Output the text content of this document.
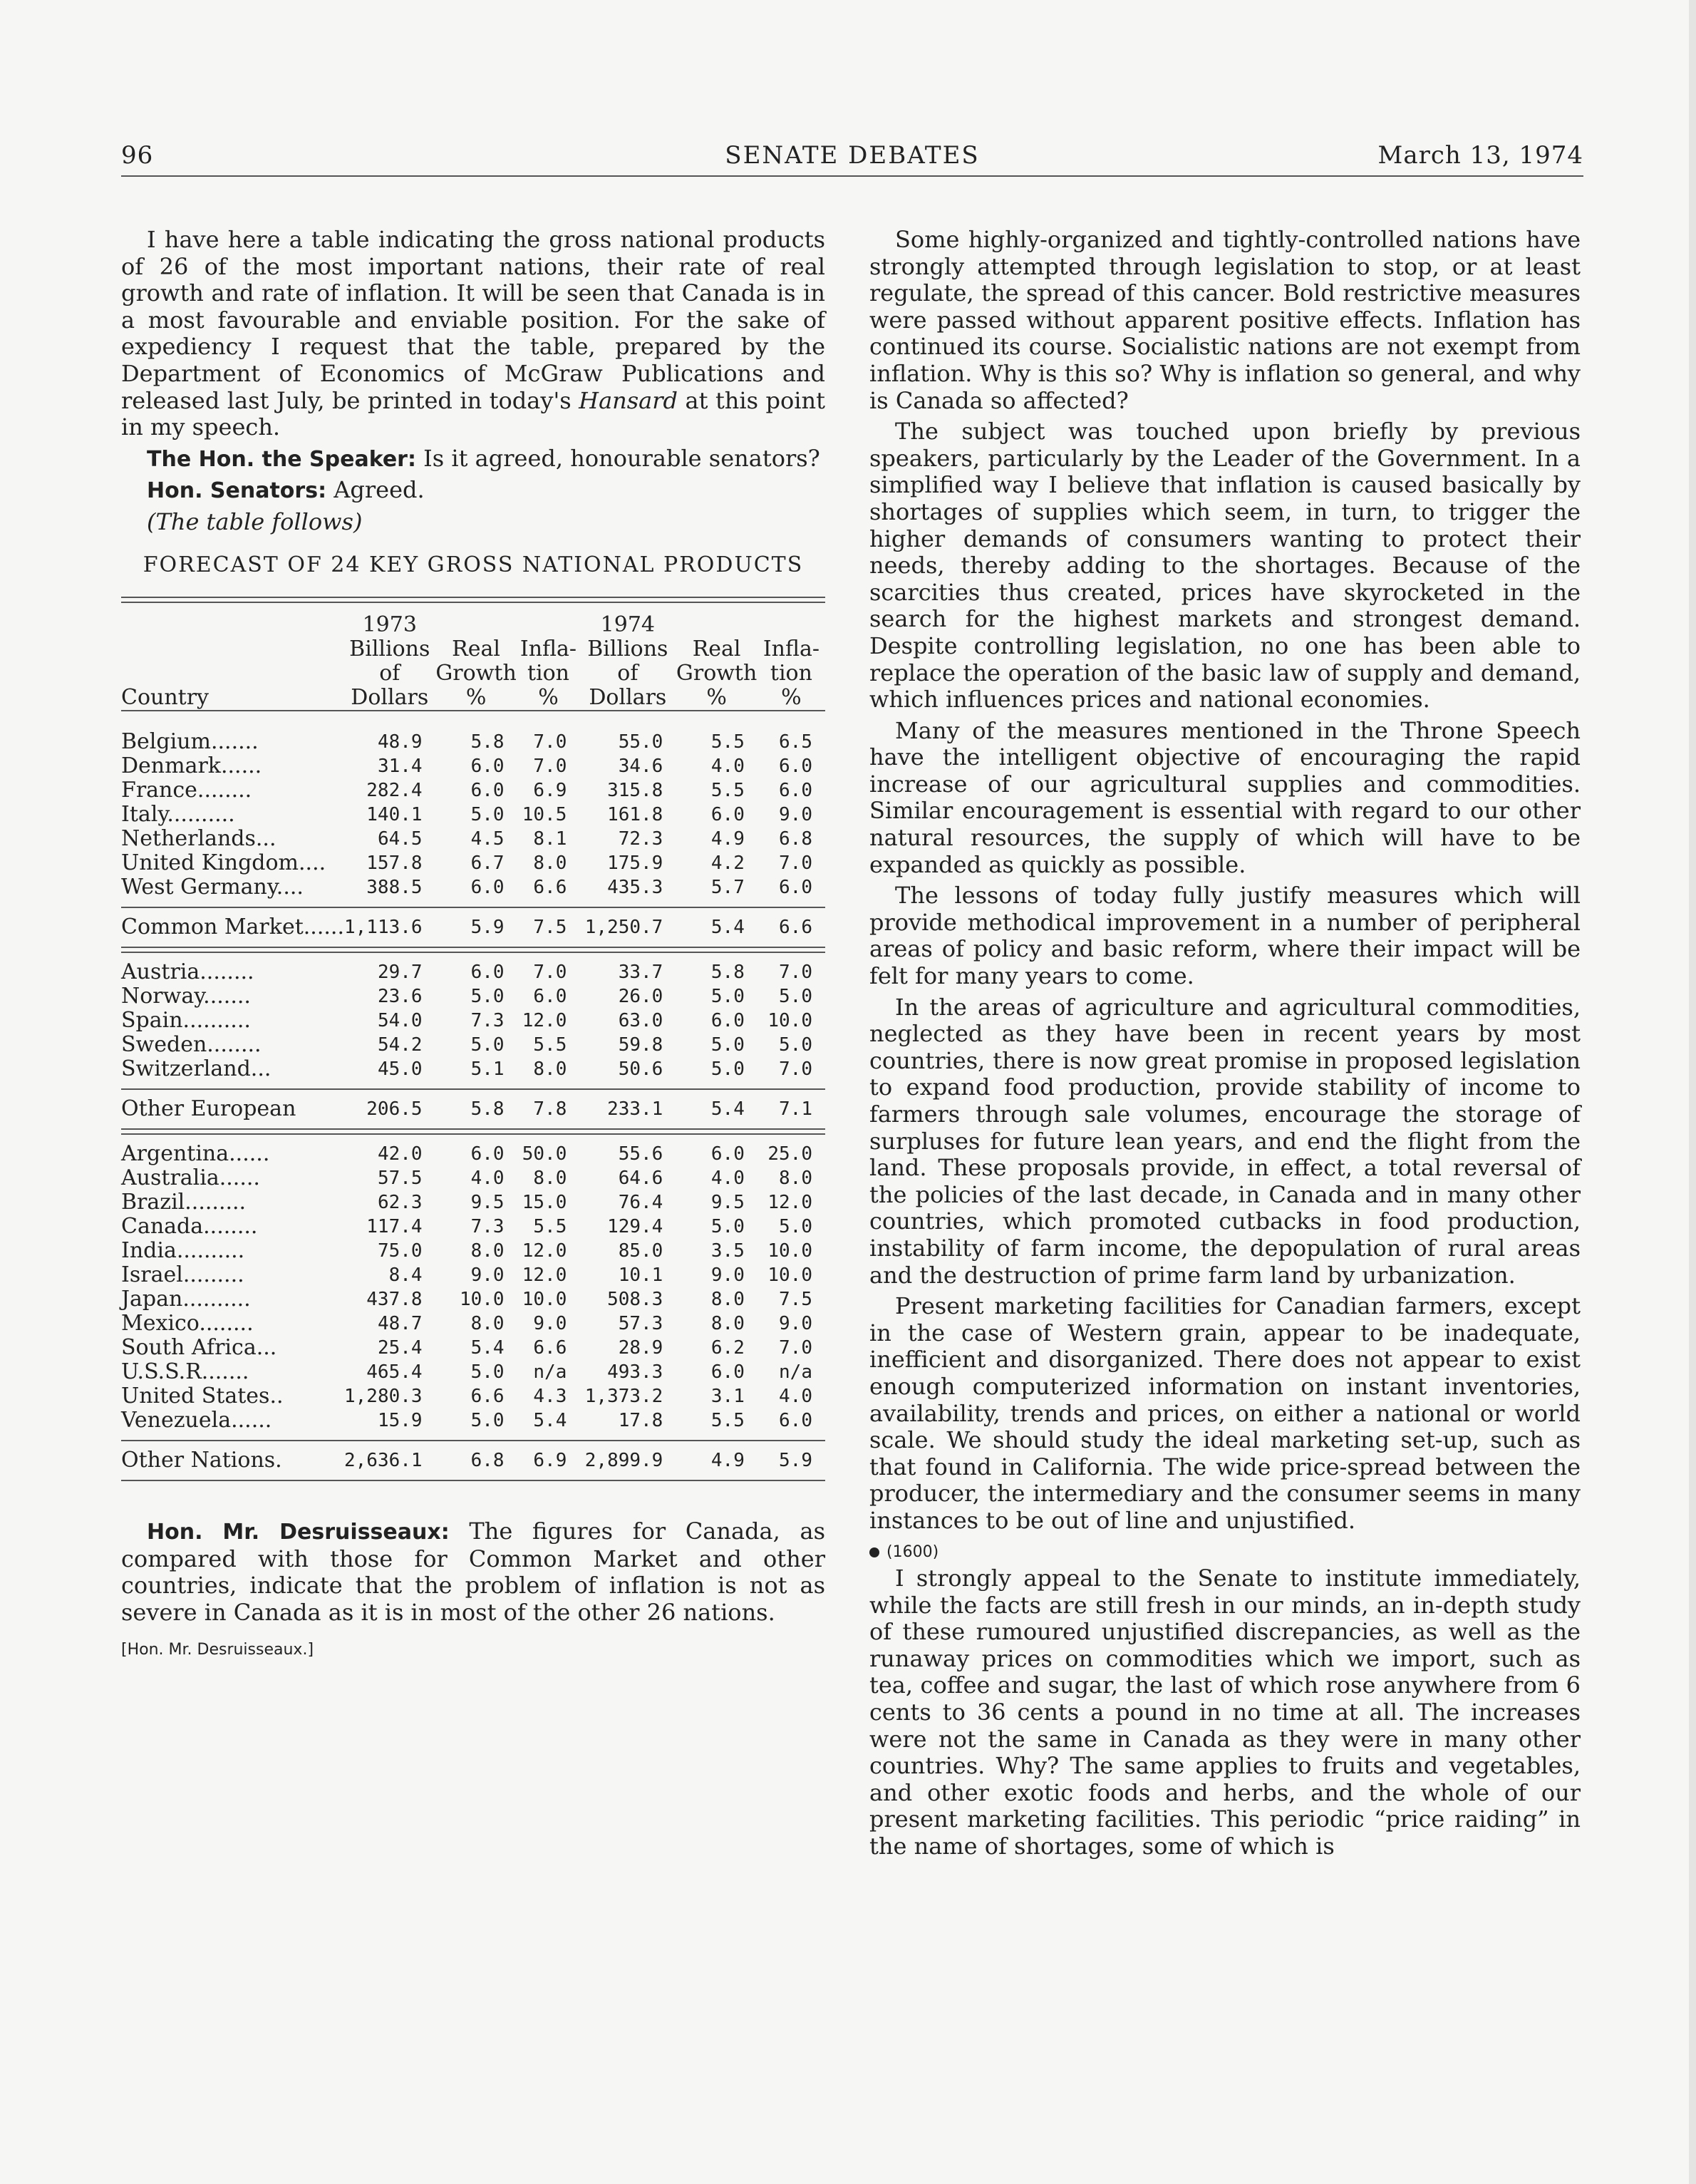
96	SENATE DEBATES	March 13, 1974

I have here a table indicating the gross national products of 26 of the most important nations, their rate of real growth and rate of inflation. It will be seen that Canada is in a most favourable and enviable position. For the sake of expediency I request that the table, prepared by the Department of Economics of McGraw Publications and released last July, be printed in today's Hansard at this point in my speech.

The Hon. the Speaker: Is it agreed, honourable senators?

Hon. Senators: Agreed.

(The table follows)

FORECAST OF 24 KEY GROSS NATIONAL PRODUCTS
	1973			1974		
Country	Billions of Dollars	Real Growth %	Infla-tion %	Billions of Dollars	Real Growth %	Infla-tion %

Belgium.......	48.9	5.8	7.0	55.0	5.5	6.5
Denmark......	31.4	6.0	7.0	34.6	4.0	6.0
France........	282.4	6.0	6.9	315.8	5.5	6.0
Italy..........	140.1	5.0	10.5	161.8	6.0	9.0
Netherlands...	64.5	4.5	8.1	72.3	4.9	6.8
United Kingdom....	157.8	6.7	8.0	175.9	4.2	7.0
West Germany....	388.5	6.0	6.6	435.3	5.7	6.0

Common Market......	1,113.6	5.9	7.5	1,250.7	5.4	6.6

Austria........	29.7	6.0	7.0	33.7	5.8	7.0
Norway.......	23.6	5.0	6.0	26.0	5.0	5.0
Spain..........	54.0	7.3	12.0	63.0	6.0	10.0
Sweden........	54.2	5.0	5.5	59.8	5.0	5.0
Switzerland...	45.0	5.1	8.0	50.6	5.0	7.0

Other European	206.5	5.8	7.8	233.1	5.4	7.1

Argentina......	42.0	6.0	50.0	55.6	6.0	25.0
Australia......	57.5	4.0	8.0	64.6	4.0	8.0
Brazil.........	62.3	9.5	15.0	76.4	9.5	12.0
Canada........	117.4	7.3	5.5	129.4	5.0	5.0
India..........	75.0	8.0	12.0	85.0	3.5	10.0
Israel.........	8.4	9.0	12.0	10.1	9.0	10.0
Japan..........	437.8	10.0	10.0	508.3	8.0	7.5
Mexico........	48.7	8.0	9.0	57.3	8.0	9.0
South Africa...	25.4	5.4	6.6	28.9	6.2	7.0
U.S.S.R.......	465.4	5.0	n/a	493.3	6.0	n/a
United States..	1,280.3	6.6	4.3	1,373.2	3.1	4.0
Venezuela......	15.9	5.0	5.4	17.8	5.5	6.0

Other Nations.	2,636.1	6.8	6.9	2,899.9	4.9	5.9

Hon. Mr. Desruisseaux: The figures for Canada, as compared with those for Common Market and other countries, indicate that the problem of inflation is not as severe in Canada as it is in most of the other 26 nations.

[Hon. Mr. Desruisseaux.]

Some highly-organized and tightly-controlled nations have strongly attempted through legislation to stop, or at least regulate, the spread of this cancer. Bold restrictive measures were passed without apparent positive effects. Inflation has continued its course. Socialistic nations are not exempt from inflation. Why is this so? Why is inflation so general, and why is Canada so affected?

The subject was touched upon briefly by previous speakers, particularly by the Leader of the Government. In a simplified way I believe that inflation is caused basically by shortages of supplies which seem, in turn, to trigger the higher demands of consumers wanting to protect their needs, thereby adding to the shortages. Because of the scarcities thus created, prices have skyrocketed in the search for the highest markets and strongest demand. Despite controlling legislation, no one has been able to replace the operation of the basic law of supply and demand, which influences prices and national economies.

Many of the measures mentioned in the Throne Speech have the intelligent objective of encouraging the rapid increase of our agricultural supplies and commodities. Similar encouragement is essential with regard to our other natural resources, the supply of which will have to be expanded as quickly as possible.

The lessons of today fully justify measures which will provide methodical improvement in a number of peripheral areas of policy and basic reform, where their impact will be felt for many years to come.

In the areas of agriculture and agricultural commodities, neglected as they have been in recent years by most countries, there is now great promise in proposed legislation to expand food production, provide stability of income to farmers through sale volumes, encourage the storage of surpluses for future lean years, and end the flight from the land. These proposals provide, in effect, a total reversal of the policies of the last decade, in Canada and in many other countries, which promoted cutbacks in food production, instability of farm income, the depopulation of rural areas and the destruction of prime farm land by urbanization.

Present marketing facilities for Canadian farmers, except in the case of Western grain, appear to be inadequate, inefficient and disorganized. There does not appear to exist enough computerized information on instant inventories, availability, trends and prices, on either a national or world scale. We should study the ideal marketing set-up, such as that found in California. The wide price-spread between the producer, the intermediary and the consumer seems in many instances to be out of line and unjustified.

(1600)

I strongly appeal to the Senate to institute immediately, while the facts are still fresh in our minds, an in-depth study of these rumoured unjustified discrepancies, as well as the runaway prices on commodities which we import, such as tea, coffee and sugar, the last of which rose anywhere from 6 cents to 36 cents a pound in no time at all. The increases were not the same in Canada as they were in many other countries. Why? The same applies to fruits and vegetables, and other exotic foods and herbs, and the whole of our present marketing facilities. This periodic “price raiding” in the name of shortages, some of which is
